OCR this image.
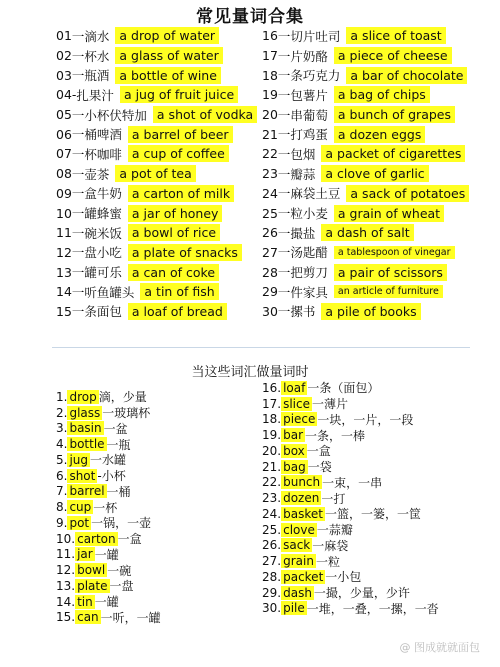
常见量词合集
01 一滴水 a drop of water
02 一杯水 a glass of water
03 一瓶酒 a bottle of wine
04- 扎果汁 a jug of fruit juice
05 一小杯伏特加 a shot of vodka
06 一桶啤酒 a barrel of beer
07 一杯咖啡 a cup of coffee
08 一壶茶 a pot of tea
09 一盒牛奶 a carton of milk
10 一罐蜂蜜 a jar of honey
11 一碗米饭 a bowl of rice
12 一盘小吃 a plate of snacks
13 一罐可乐 a can of coke
14 一听鱼罐头 a tin of fish
15 一条面包 a loaf of bread
16 一切片吐司 a slice of toast
17 一片奶酪 a piece of cheese
18 一条巧克力 a bar of chocolate
19 一包薯片 a bag of chips
20 一串葡萄 a bunch of grapes
21 一打鸡蛋 a dozen eggs
22 一包烟 a packet of cigarettes
23 一瓣蒜 a clove of garlic
24 一麻袋土豆 a sack of potatoes
25 一粒小麦 a grain of wheat
26 一撮盐 a dash of salt
27 一汤匙醋	a tablespoon of vinegar
28 一把剪刀 a pair of scissors
29 一件家具	an article of furniture
30 一摞书 a pile of books
当这些词汇做量词时
1. drop 滴，少量
2. glass 一玻璃杯
3. basin 一盆
4. bottle 一瓶
5. jug 一水罐
6. shot -小杯
7. barrel 一桶
8. cup 一杯
9. pot 一锅，一壶
10. carton 一盒
11. jar 一罐
12. bowl 一碗
13. plate 一盘
14. tin 一罐
15. can 一听，一罐
16. loaf 一条（面包）
17. slice 一薄片
18. piece 一块，一片，一段
19. bar 一条，一棒
20. box 一盒
21. bag 一袋
22. bunch 一束，一串
23. dozen 一打
24. basket 一篮，一篓，一筐
25. clove 一蒜瓣
26. sack 一麻袋
27. grain 一粒
28. packet 一小包
29. dash 一撮，少量，少许
30. pile 一堆，一叠，一摞，一沓
@ 图成就就面包
